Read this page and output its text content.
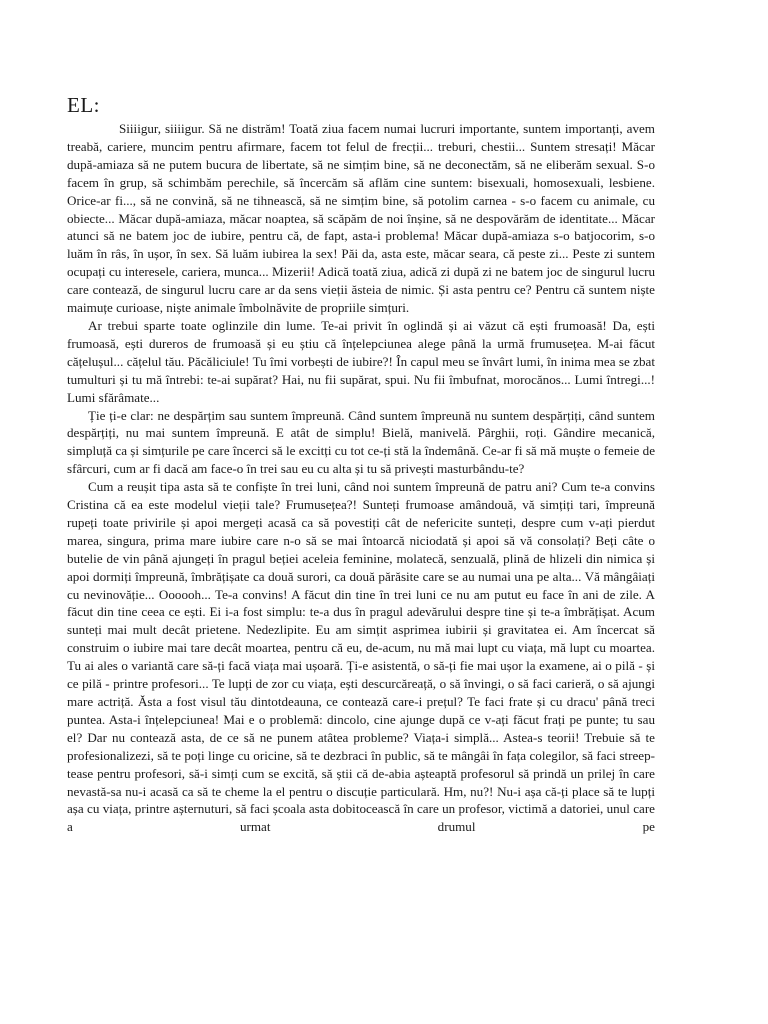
EL:

Siiiigur, siiiigur. Să ne distrăm! Toată ziua facem numai lucruri importante, suntem importanți, avem treabă, cariere, muncim pentru afirmare, facem tot felul de frecții... treburi, chestii... Suntem stresați! Măcar după-amiaza să ne putem bucura de libertate, să ne simțim bine, să ne deconectăm, să ne eliberăm sexual. S-o facem în grup, să schimbăm perechile, să încercăm să aflăm cine suntem: bisexuali, homosexuali, lesbiene. Orice-ar fi..., să ne convină, să ne tihnească, să ne simțim bine, să potolim carnea - s-o facem cu animale, cu obiecte... Măcar după-amiaza, măcar noaptea, să scăpăm de noi înșine, să ne despovărăm de identitate... Măcar atunci să ne batem joc de iubire, pentru că, de fapt, asta-i problema! Măcar după-amiaza s-o batjocorim, s-o luăm în râs, în ușor, în sex. Să luăm iubirea la sex! Păi da, asta este, măcar seara, că peste zi... Peste zi suntem ocupați cu interesele, cariera, munca... Mizerii! Adică toată ziua, adică zi după zi ne batem joc de singurul lucru care contează, de singurul lucru care ar da sens vieții ăsteia de nimic. Și asta pentru ce? Pentru că suntem niște maimuțe curioase, niște animale îmbolnăvite de propriile simțuri.

Ar trebui sparte toate oglinzile din lume. Te-ai privit în oglindă și ai văzut că ești frumoasă! Da, ești frumoasă, ești dureros de frumoasă și eu știu că înțelepciunea alege până la urmă frumusețea. M-ai făcut cățelușul... cățelul tău. Păcăliciule! Tu îmi vorbești de iubire?! În capul meu se învârt lumi, în inima mea se zbat tumulturi și tu mă întrebi: te-ai supărat? Hai, nu fii supărat, spui. Nu fii îmbufnat, morocănos... Lumi întregi...! Lumi sfărâmate...

Ție ți-e clar: ne despărțim sau suntem împreună. Când suntem împreună nu suntem despărțiți, când suntem despărțiți, nu mai suntem împreună. E atât de simplu! Bielă, manivelă. Pârghii, roți. Gândire mecanică, simpluță ca și simțurile pe care încerci să le excitți cu tot ce-ți stă la îndemână. Ce-ar fi să mă muște o femeie de sfârcuri, cum ar fi dacă am face-o în trei sau eu cu alta și tu să privești masturbându-te?

Cum a reușit tipa asta să te confiște în trei luni, când noi suntem împreună de patru ani? Cum te-a convins Cristina că ea este modelul vieții tale? Frumusețea?! Sunteți frumoase amândouă, vă simțiți tari, împreună rupeți toate privirile și apoi mergeți acasă ca să povestiți cât de nefericite sunteți, despre cum v-ați pierdut marea, singura, prima mare iubire care n-o să se mai întoarcă niciodată și apoi să vă consolați? Beți câte o butelie de vin până ajungeți în pragul beției aceleia feminine, molatecă, senzuală, plină de hlizeli din nimica și apoi dormiți împreună, îmbrățișate ca două surori, ca două părăsite care se au numai una pe alta... Vă mângâiați cu nevinovăție... Oooooh... Te-a convins! A făcut din tine în trei luni ce nu am putut eu face în ani de zile. A făcut din tine ceea ce ești. Ei i-a fost simplu: te-a dus în pragul adevărului despre tine și te-a îmbrățișat. Acum sunteți mai mult decât prietene. Nedezlipite. Eu am simțit asprimea iubirii și gravitatea ei. Am încercat să construim o iubire mai tare decât moartea, pentru că eu, de-acum, nu mă mai lupt cu viața, mă lupt cu moartea. Tu ai ales o variantă care să-ți facă viața mai ușoară. Ți-e asistentă, o să-ți fie mai ușor la examene, ai o pilă - și ce pilă - printre profesori... Te lupți de zor cu viața, ești descurcăreață, o să învingi, o să faci carieră, o să ajungi mare actriță. Ăsta a fost visul tău dintotdeauna, ce contează care-i prețul? Te faci frate și cu dracu' până treci puntea. Asta-i înțelepciunea! Mai e o problemă: dincolo, cine ajunge după ce v-ați făcut frați pe punte; tu sau el? Dar nu contează asta, de ce să ne punem atâtea probleme? Viața-i simplă... Astea-s teorii! Trebuie să te profesionalizezi, să te poți linge cu oricine, să te dezbraci în public, să te mângâi în fața colegilor, să faci streep-tease pentru profesori, să-i simți cum se excită, să știi că de-abia așteaptă profesorul să prindă un prilej în care nevastă-sa nu-i acasă ca să te cheme la el pentru o discuție particulară. Hm, nu?! Nu-i așa că-ți place să te lupți așa cu viața, printre așternuturi, să faci școala asta dobitocească în care un profesor, victimă a datoriei, unul care a urmat drumul pe
